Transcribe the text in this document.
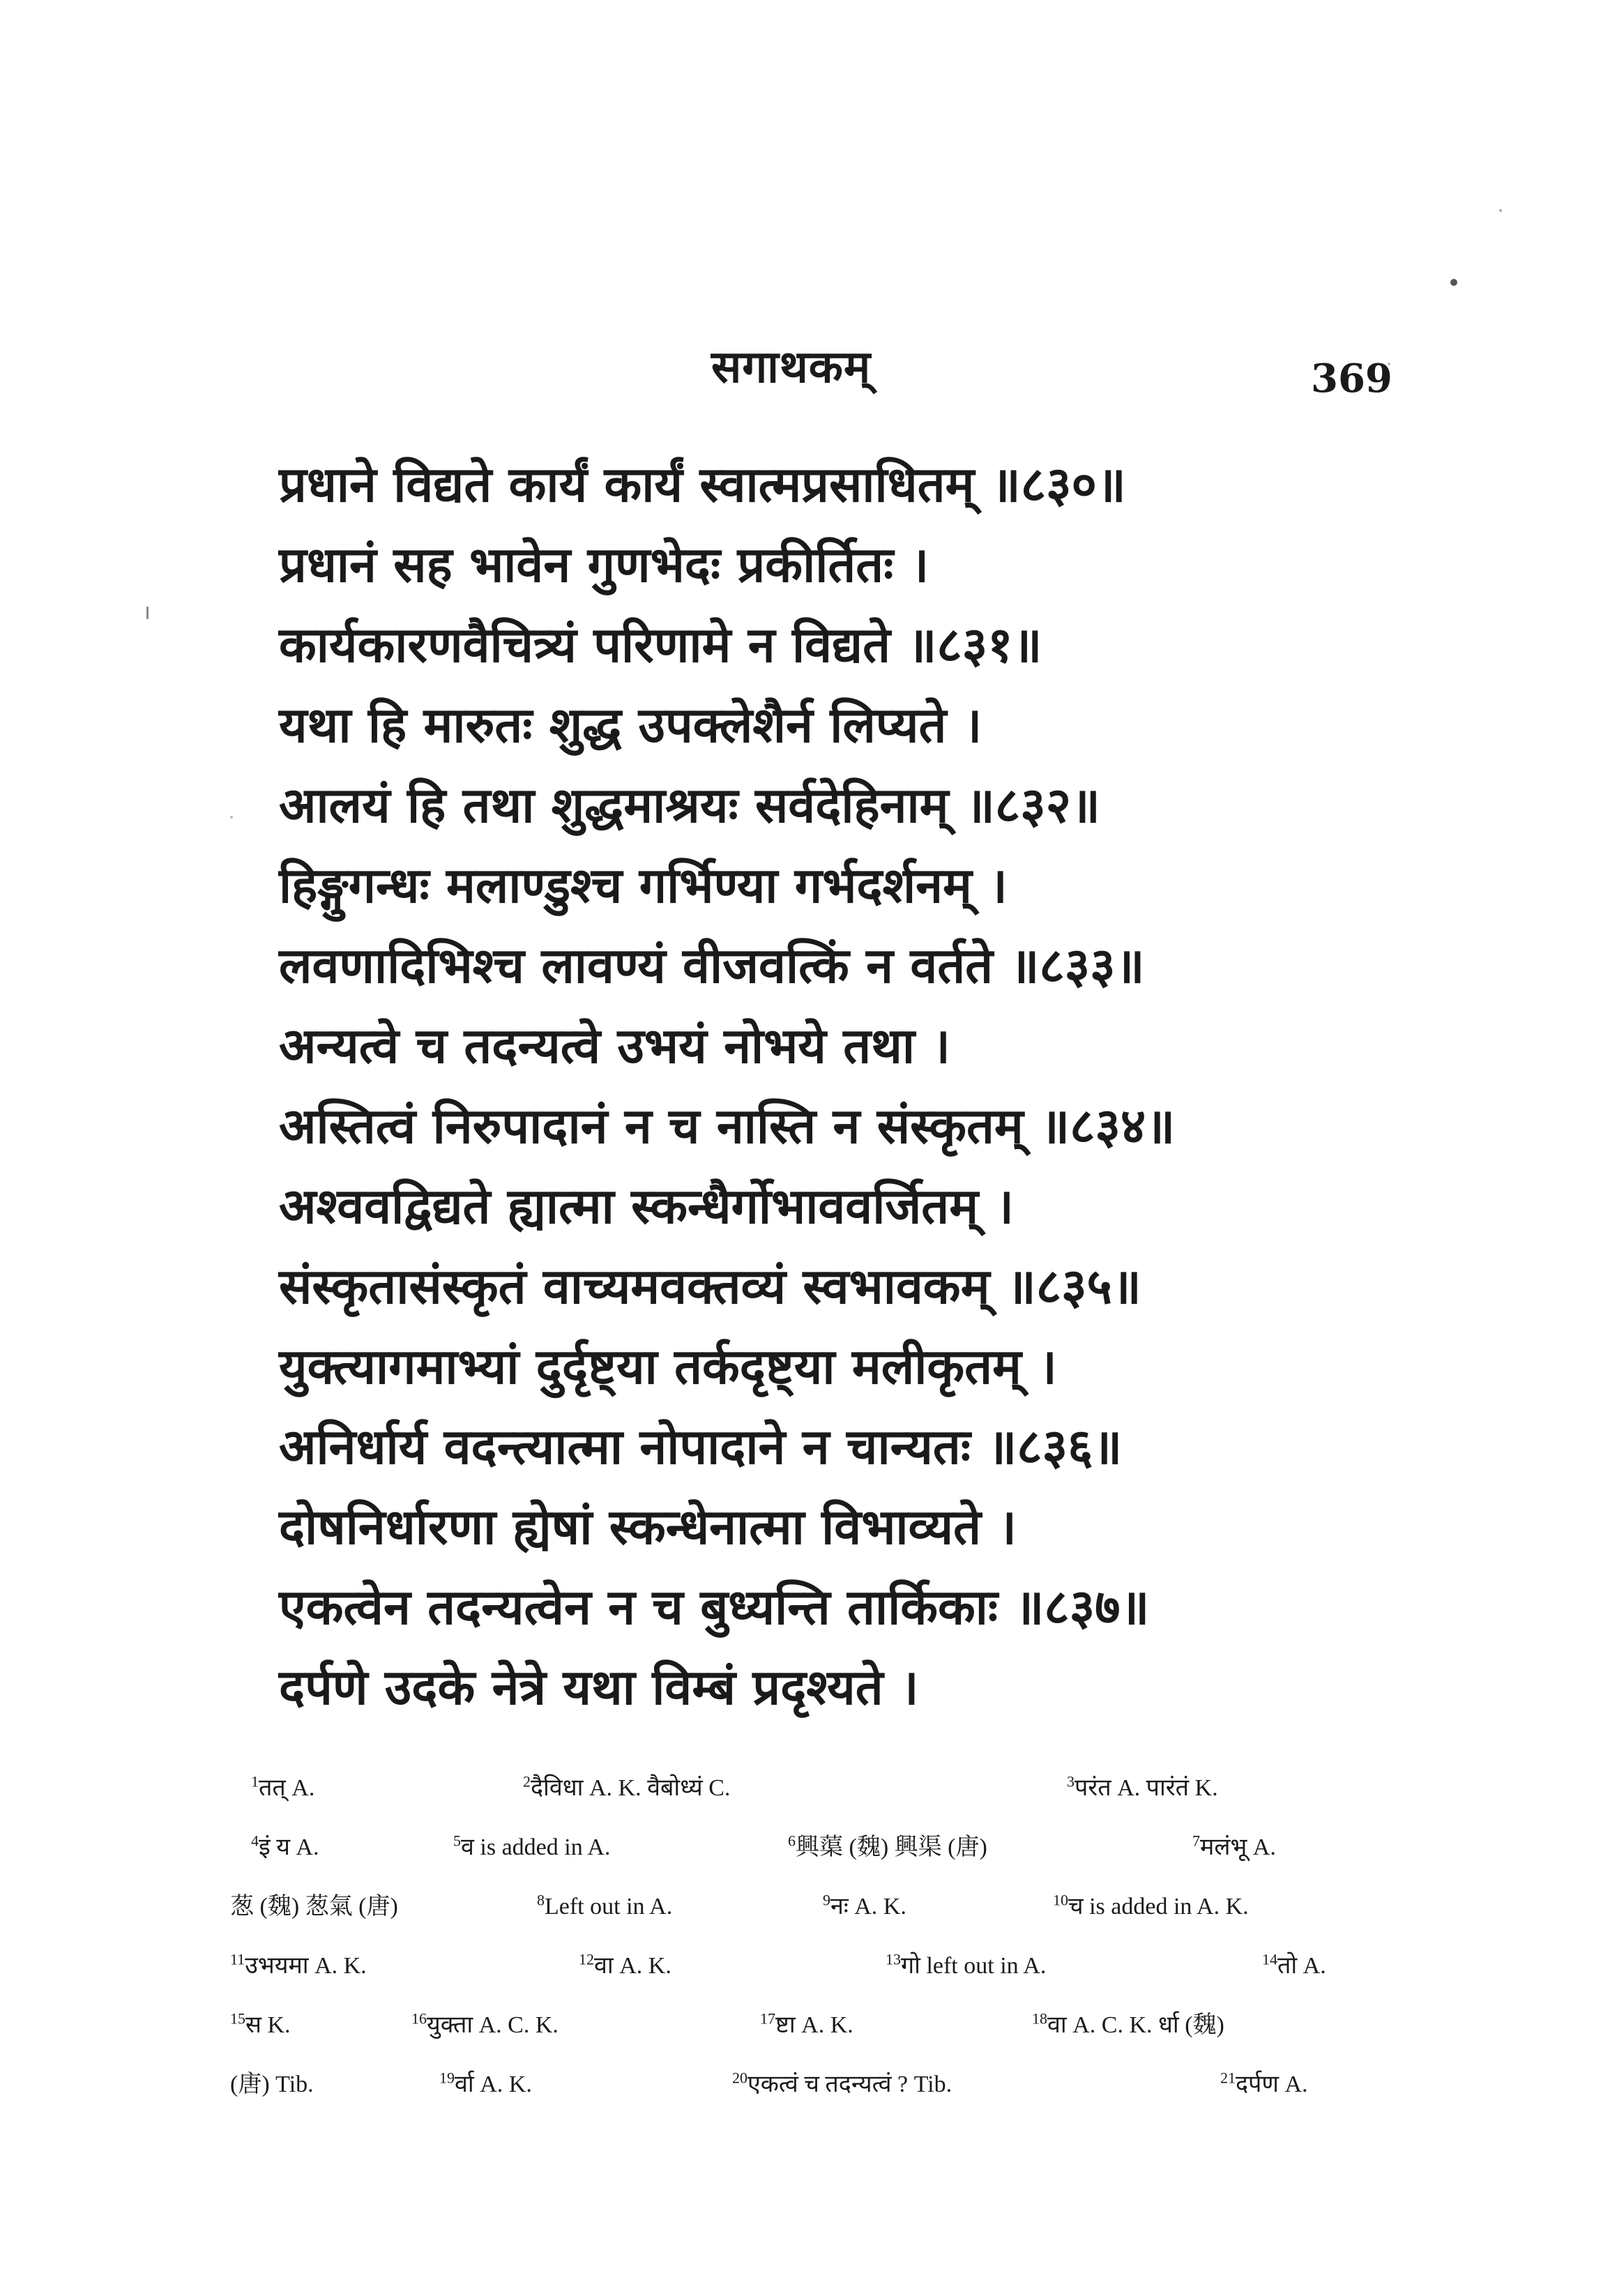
सगाथकम्	369
प्रधाने विद्यते कार्यं कार्यं स्वात्मप्रसाधितम् ॥८३०॥
प्रधानं सह भावेन गुणभेदः प्रकीर्तितः ।
कार्यकारणवैचित्र्यं परिणामे न विद्यते ॥८३१॥
यथा हि मारुतः शुद्ध उपक्लेशैर्न लिप्यते ।
आलयं हि तथा शुद्धमाश्रयः सर्वदेहिनाम् ॥८३२॥
हिङ्गुगन्धः मलाण्डुश्च गर्भिण्या गर्भदर्शनम् ।
लवणादिभिश्च लावण्यं वीजवत्किं न वर्तते ॥८३३॥
अन्यत्वे च तदन्यत्वे उभयं नोभये तथा ।
अस्तित्वं निरुपादानं न च नास्ति न संस्कृतम् ॥८३४॥
अश्ववद्विद्यते ह्यात्मा स्कन्धैर्गोभाववर्जितम् ।
संस्कृतासंस्कृतं वाच्यमवक्तव्यं स्वभावकम् ॥८३५॥
युक्त्यागमाभ्यां दुर्दृष्ट्या तर्कदृष्ट्या मलीकृतम् ।
अनिर्धार्य वदन्त्यात्मा नोपादाने न चान्यतः ॥८३६॥
दोषनिर्धारणा ह्येषां स्कन्धेनात्मा विभाव्यते ।
एकत्वेन तदन्यत्वेन न च बुध्यन्ति तार्किकाः ॥८३७॥
दर्पणे उदके नेत्रे यथा विम्बं प्रदृश्यते ।
$^1$तत् A.	$^2$दैविधा A. K. वैबोध्यं C.	$^3$परंत A. पारंतं K.
$^4$इं य A.	$^5$व is added in A.	$^6$興蕖 (魏) 興渠 (唐)	$^7$मलंभू A.
葱 (魏) 葱氣 (唐)	$^8$Left out in A.	$^9$नः A. K.	$^{10}$च is added in A. K.
$^{11}$उभयमा A. K.	$^{12}$वा A. K.	$^{13}$गो left out in A.	$^{14}$तो A.
$^{15}$स K.	$^{16}$युक्ता A. C. K.	$^{17}$ष्टा A. K.	$^{18}$वा A. C. K. र्धा (魏)
(唐) Tib.	$^{19}$र्वा A. K.	$^{20}$एकत्वं च तदन्यत्वं ? Tib.	$^{21}$दर्पण A.
